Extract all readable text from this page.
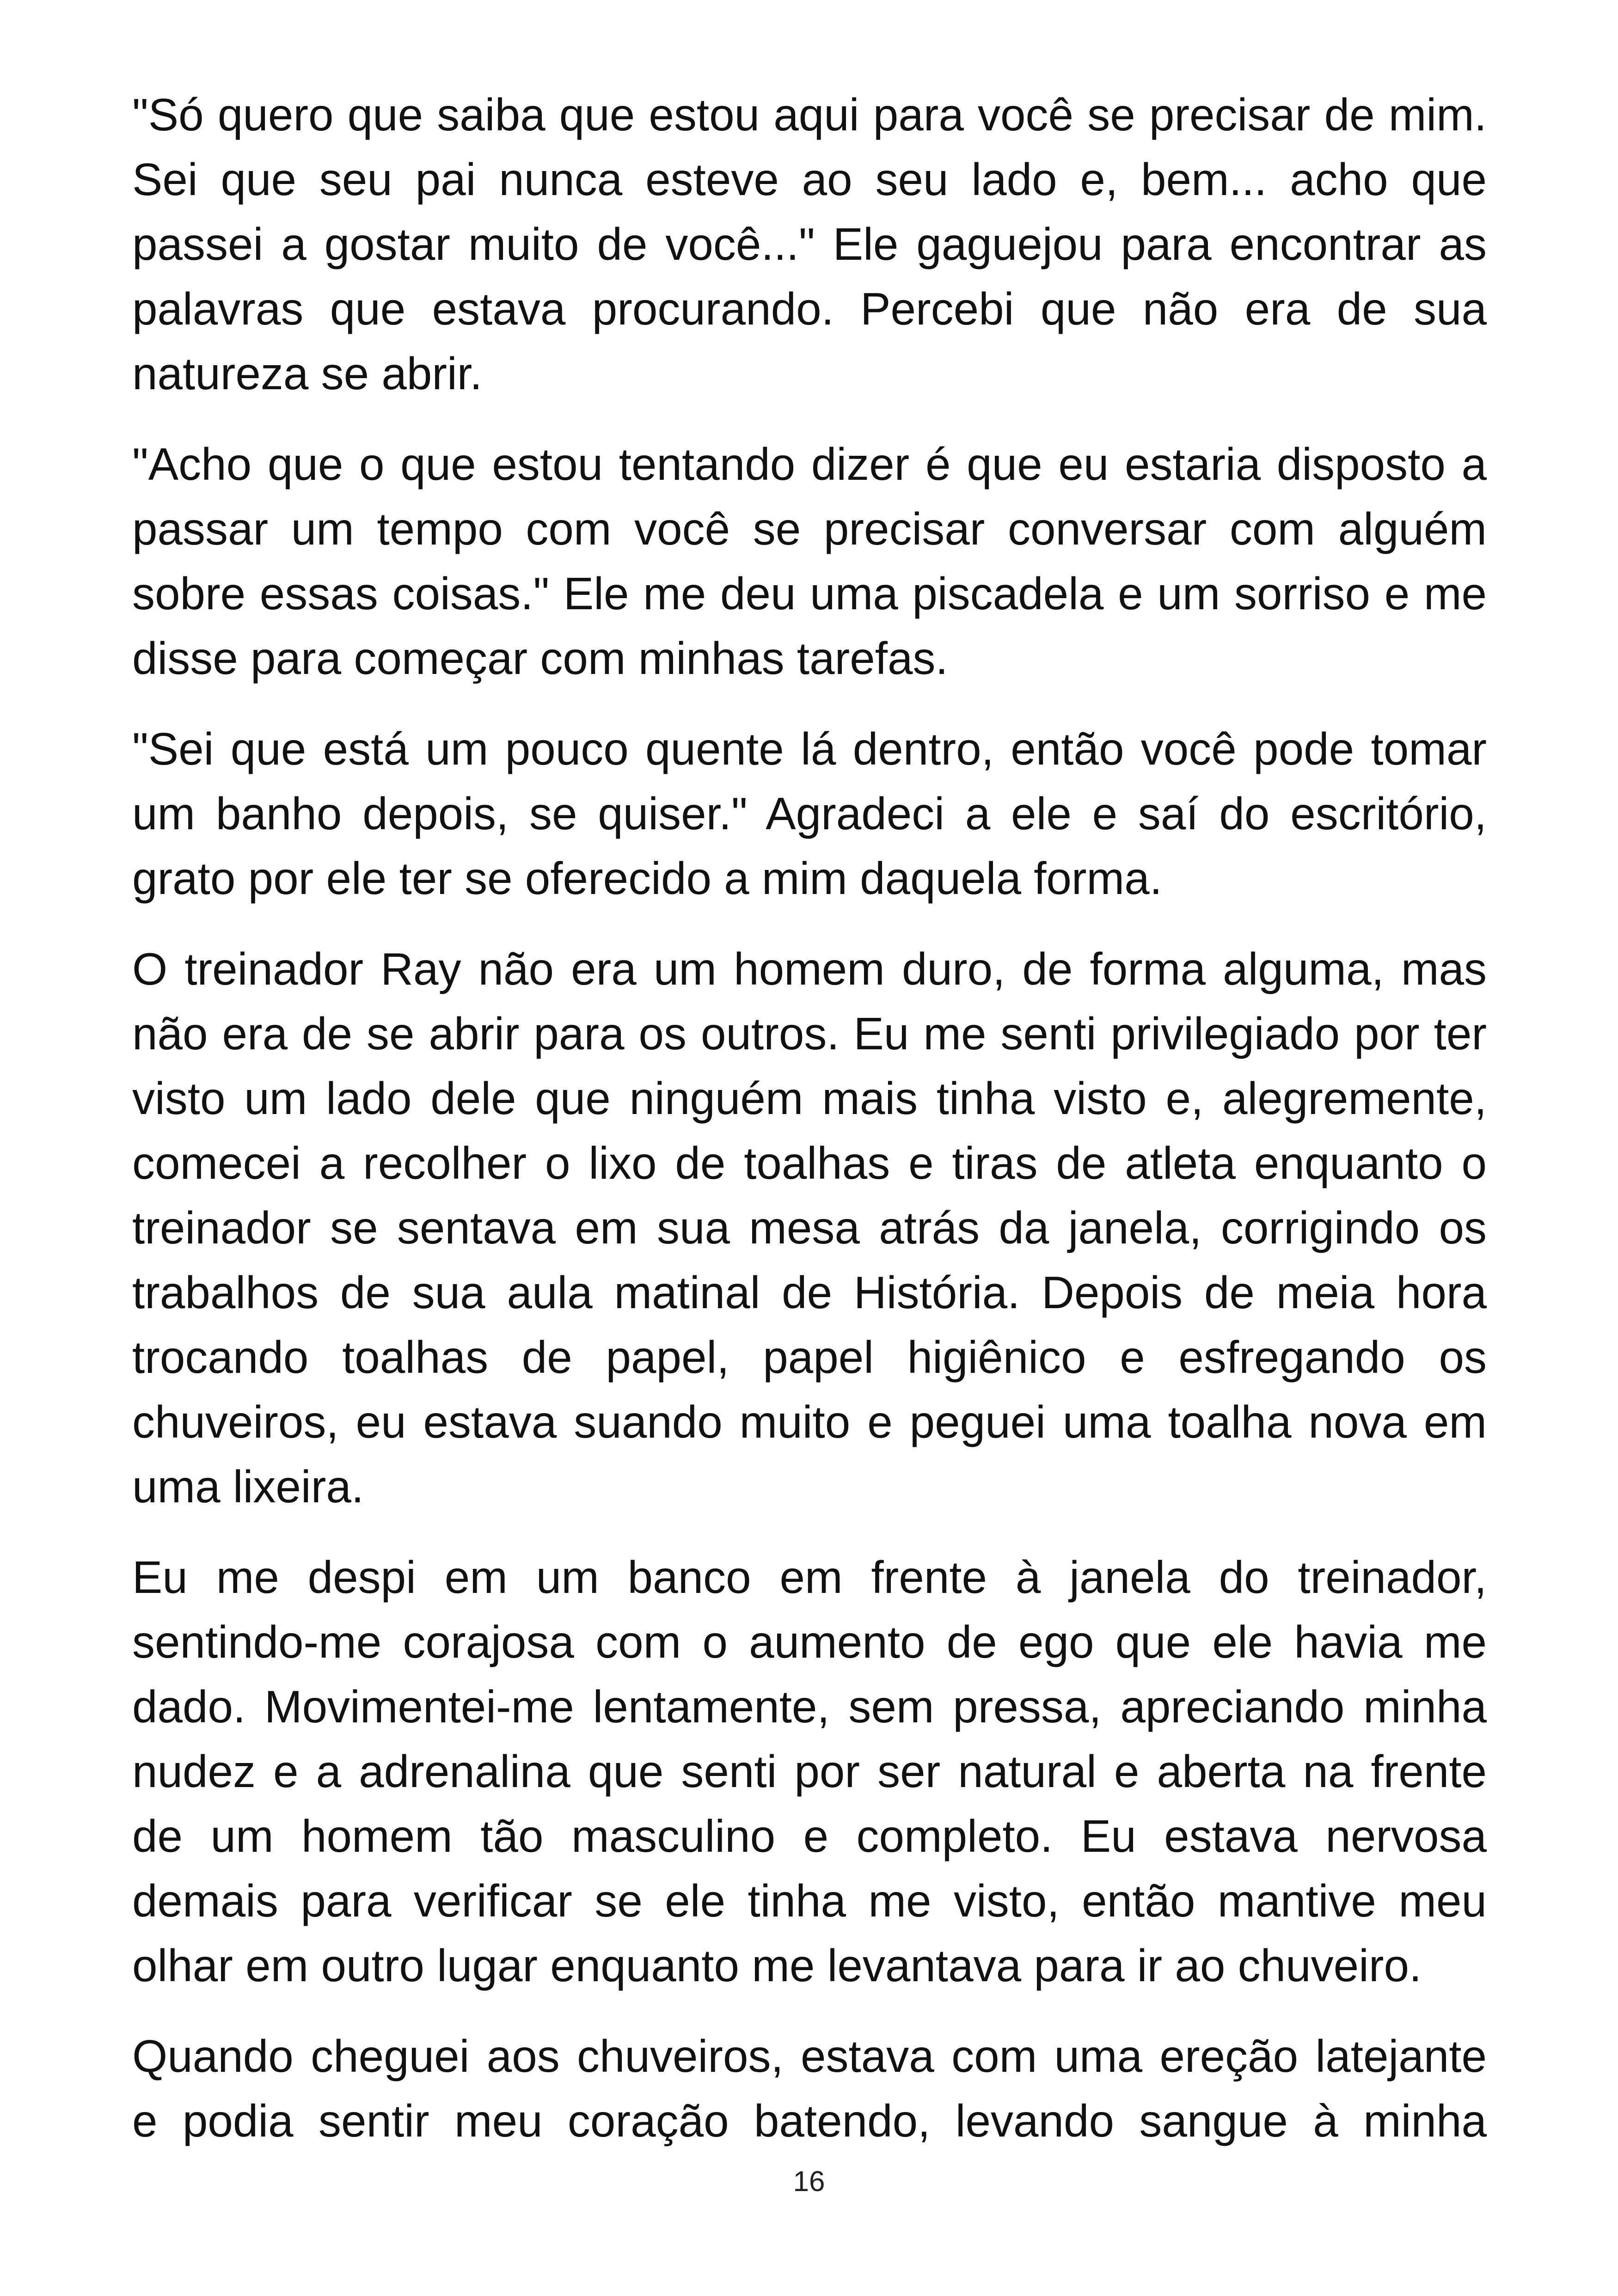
"Só quero que saiba que estou aqui para você se precisar de mim. Sei que seu pai nunca esteve ao seu lado e, bem... acho que passei a gostar muito de você..." Ele gaguejou para encontrar as palavras que estava procurando. Percebi que não era de sua natureza se abrir.

"Acho que o que estou tentando dizer é que eu estaria disposto a passar um tempo com você se precisar conversar com alguém sobre essas coisas." Ele me deu uma piscadela e um sorriso e me disse para começar com minhas tarefas.

"Sei que está um pouco quente lá dentro, então você pode tomar um banho depois, se quiser." Agradeci a ele e saí do escritório, grato por ele ter se oferecido a mim daquela forma.

O treinador Ray não era um homem duro, de forma alguma, mas não era de se abrir para os outros. Eu me senti privilegiado por ter visto um lado dele que ninguém mais tinha visto e, alegremente, comecei a recolher o lixo de toalhas e tiras de atleta enquanto o treinador se sentava em sua mesa atrás da janela, corrigindo os trabalhos de sua aula matinal de História. Depois de meia hora trocando toalhas de papel, papel higiênico e esfregando os chuveiros, eu estava suando muito e peguei uma toalha nova em uma lixeira.

Eu me despi em um banco em frente à janela do treinador, sentindo-me corajosa com o aumento de ego que ele havia me dado. Movimentei-me lentamente, sem pressa, apreciando minha nudez e a adrenalina que senti por ser natural e aberta na frente de um homem tão masculino e completo. Eu estava nervosa demais para verificar se ele tinha me visto, então mantive meu olhar em outro lugar enquanto me levantava para ir ao chuveiro.

Quando cheguei aos chuveiros, estava com uma ereção latejante e podia sentir meu coração batendo, levando sangue à minha

16
